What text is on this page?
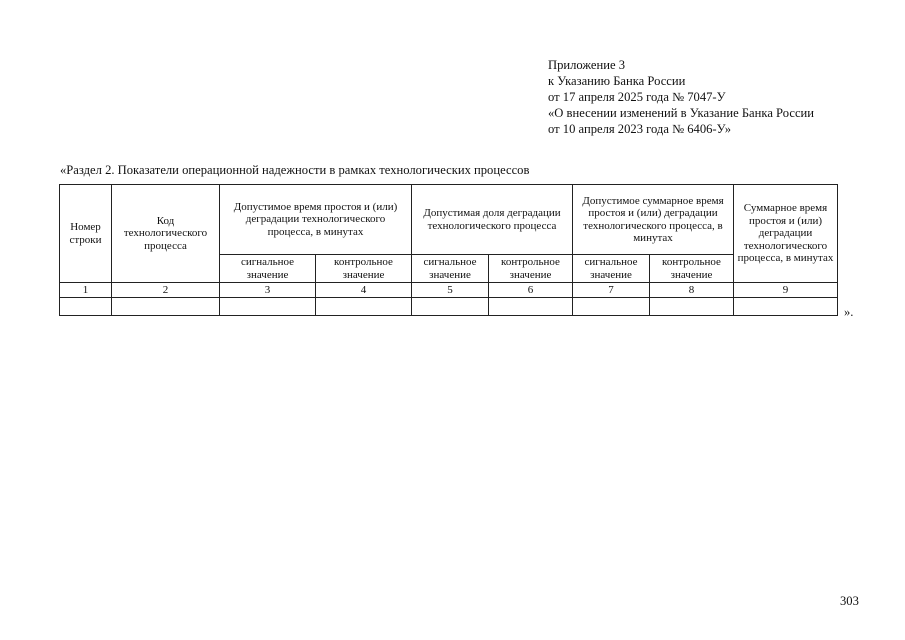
Приложение 3
к Указанию Банка России
от 17 апреля 2025 года № 7047-У
«О внесении изменений в Указание Банка России
от 10 апреля 2023 года № 6406-У»
«Раздел 2. Показатели операционной надежности в рамках технологических процессов
Номер строки	Код технологического процесса	Допустимое время простоя и (или) деградации технологического процесса, в минутах		Допустимая доля деградации технологического процесса		Допустимое суммарное время простоя и (или) деградации технологического процесса, в минутах		Суммарное время простоя и (или) деградации технологического процесса, в минутах
		сигнальное значение	контрольное значение	сигнальное значение	контрольное значение	сигнальное значение	контрольное значение	
1	2	3	4	5	6	7	8	9

».
303
